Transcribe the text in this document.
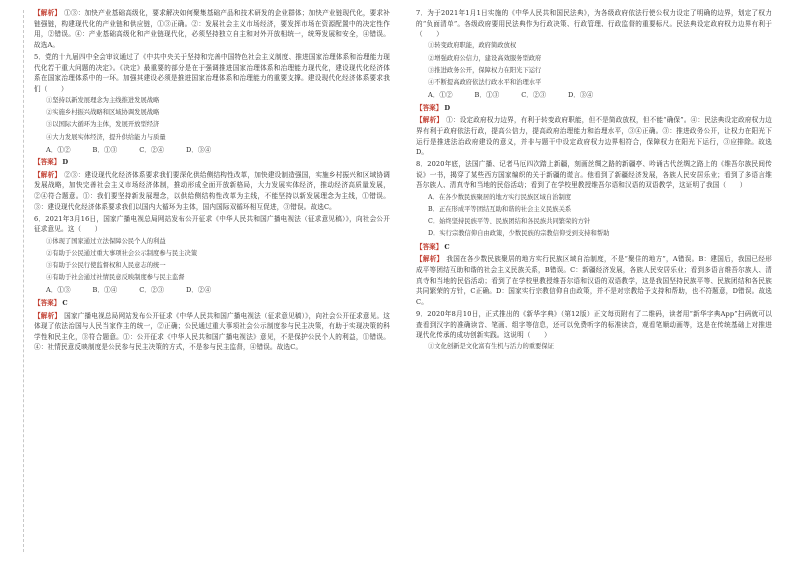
【解析】 ①③：加快产业基础高级化，要求解决如何聚集基础产品和技术研发的企业群体；加快产业链现代化，要求补链强链，构建现代化的产业链和供应链，①③正确。②：发展社会主义市场经济，要发挥市场在资源配置中的决定性作用，②错误。④：产业基础高级化和产业链现代化，必须坚持独立自主和对外开放相统一，统筹发展和安全，④错误。故选A。

5．党的十九届四中全会审议通过了《中共中央关于坚持和完善中国特色社会主义制度、推进国家治理体系和治理能力现代化若干重大问题的决定》。《决定》最重要的部分是在于强调推进国家治理体系和治理能力现代化，建设现代化经济体系在国家治理体系中的一环。加强其建设必须是推进国家治理体系和治理能力的重要支撑。建设现代化经济体系要求我们（　　）

①坚持以新发展理念为主线推进发展战略
②实施乡村振兴战略和区域协调发展战略
③以国际大循环为主体，发展开放型经济
④大力发展实体经济，提升供给能力与质量
A．①②	B．①③	C．②④	D．③④
【答案】 D

【解析】 ②③：建设现代化经济体系要求我们要深化供给侧结构性改革，加快建设制造强国，实施乡村振兴和区域协调发展战略，加快完善社会主义市场经济体制，推动形成全面开放新格局，大力发展实体经济，推动经济高质量发展，②④符合题意。①：我们要坚持新发展理念，以供给侧结构性改革为主线，不能坚持以新发展理念为主线，①错误。③：建设现代化经济体系要求我们以国内大循环为主体，国内国际双循环相互促进，③错误。故选C。

6．2021年3月16日，国家广播电视总局网站发布公开征求《中华人民共和国广播电视法（征求意见稿）》，向社会公开征求意见。这（　　）

①体现了国家通过立法保障公民个人的利益
②有助于公民通过重大事项社会公示制度参与民主决策
③有助于公民行使监督权和人民意志的统一
④有助于社会通过社情民意反映制度参与民主监督
A．①③	B．①④	C．②③	D．②④
【答案】 C

【解析】 国家广播电视总局网站发布公开征求《中华人民共和国广播电视法（征求意见稿）》，向社会公开征求意见。这体现了依法治国与人民当家作主的统一，②正确；公民通过重大事项社会公示制度参与民主决策，有助于实现决策的科学性和民主化，③符合题意。①：公开征求《中华人民共和国广播电视法》意见，不是保护公民个人的利益，①错误。④：社情民意反映制度是公民参与民主决策的方式，不是参与民主监督，④错误。故选C。

7．为于2021年1月1日实施的《中华人民共和国民法典》，为各级政府依法行使公权力设定了明确的边界，划定了权力的“负面清单”。各级政府要用民法典作为行政决策、行政管理、行政监督的重要标尺。民法典设定政府权力边界有利于（　　）

①转变政府职能，政府简政放权
②增强政府公信力，建设高效服务型政府
③推进政务公开，保障权力在阳光下运行
④不断提高政府依法行政水平和治理水平
A．①②	B．①③	C．②③	D．③④
【答案】 D

【解析】 ①：设定政府权力边界，有利于转变政府职能，但不是简政放权，但不能“确保”。④：民法典设定政府权力边界有利于政府依法行政，提高公信力，提高政府治理能力和治理水平，③④正确。③：推进政务公开，让权力在阳光下运行是推进法治政府建设的意义，并非与题干中设定政府权力边界相符合，保障权力在阳光下运行，③应排除。故选D。

8．2020年底，法国广播、记者马厄四次踏上新疆，刻画丝绸之路的新疆亭、吟诵古代丝绸之路上的《维吾尔族民间传说》一书，揭穿了某些西方国家编织的关于新疆的谎言。他看到了新疆经济发展，各族人民安居乐业；看到了多语言维吾尔族人、清真寺和当地的民俗活动；看到了在学校里教授维吾尔语和汉语的双语教学，这证明了我国（　　）

A．在各少数民族聚居的地方实行民族区域自治制度
B．正在形成平等团结互助和谐的社会主义民族关系
C．始终坚持民族平等、民族团结和各民族共同繁荣的方针
D．实行宗教信仰自由政策，少数民族的宗教信仰受到支持和帮助
【答案】 C

【解析】 我国在各少数民族聚居的地方实行民族区域自治制度，不是“聚住的地方”，A错误。B：建国后，我国已经形成平等团结互助和谐的社会主义民族关系，B错误。C：新疆经济发展，各族人民安居乐业；看到多语言维吾尔族人、清真寺和当地的民俗活动；看到了在学校里教授维吾尔语和汉语的双语教学，这是我国坚持民族平等、民族团结和各民族共同繁荣的方针，C正确。D：国家实行宗教信仰自由政策，并不是对宗教给予支持和帮助，也不符题意，D错误。故选C。

9．2020年8月10日，正式推出的《新华字典》（第12版）正文每页附有了二维码，读者用“新华字典App”扫码就可以查看到汉字的准确读音、笔画、组字等信息，还可以免费听字的标准读音，观看笔顺动画等，这是在传统基础上对推进现代化传承的成功创新实践。这说明（　　）

①文化创新是文化富有生机与活力的重要保证
